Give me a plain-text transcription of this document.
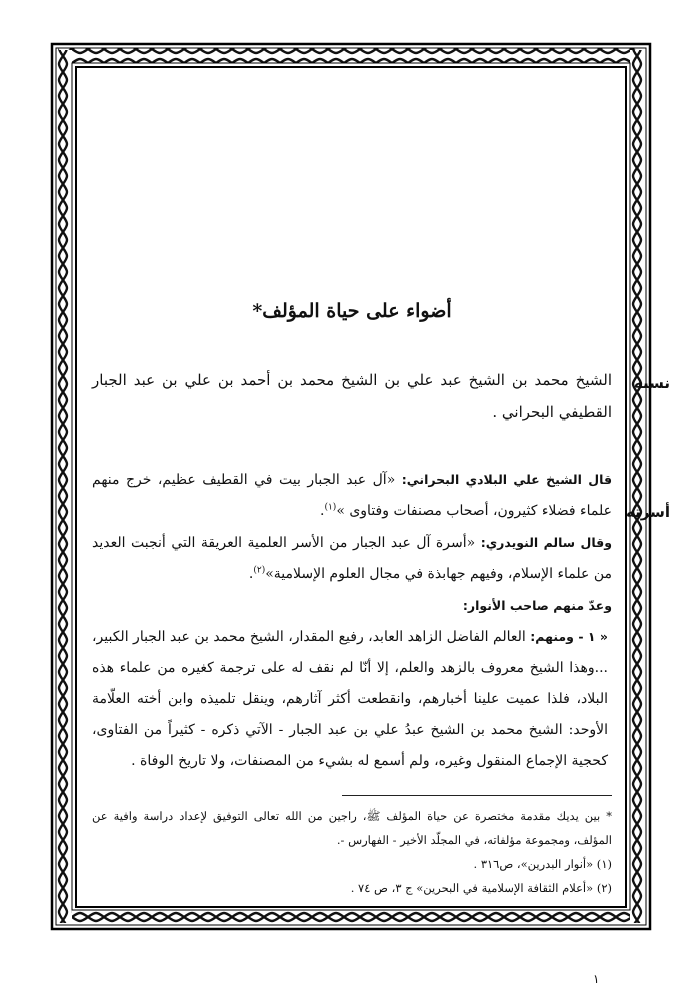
أضواء على حياة المؤلف*
نسبه

الشيخ محمد بن الشيخ عبد علي بن الشيخ محمد بن أحمد بن علي بن عبد الجبار القطيفي البحراني .

أسرته

قال الشيخ علي البلادي البحراني: «آل عبد الجبار بيت في القطيف عظيم، خرج منهم علماء فضلاء كثيرون، أصحاب مصنفات وفتاوى »$^{(١)}$.

وقال سالم النويدري: «أسرة آل عبد الجبار من الأسر العلمية العريقة التي أنجبت العديد من علماء الإسلام، وفيهم جهابذة في مجال العلوم الإسلامية»$^{(٢)}$.

وعدّ منهم صاحب الأنوار:

« ١ - ومنهم: العالم الفاضل الزاهد العابد، رفيع المقدار، الشيخ محمد بن عبد الجبار الكبير، ...وهذا الشيخ معروف بالزهد والعلم، إلا أنّا لم نقف له على ترجمة كغيره من علماء هذه البلاد، فلذا عميت علينا أخبارهم، وانقطعت أكثر آثارهم، وينقل تلميذه وابن أخته العلّامة الأوحد: الشيخ محمد بن الشيخ عبدُ علي بن عبد الجبار - الآتي ذكره - كثيراً من الفتاوى، كحجية الإجماع المنقول وغيره، ولم أسمع له بشيء من المصنفات، ولا تاريخ الوفاة .

* بين يديك مقدمة مختصرة عن حياة المؤلف ﷺ، راجين من الله تعالى التوفيق لإعداد دراسة وافية عن المؤلف، ومجموعة مؤلفاته، في المجلّد الأخير - الفهارس -.

(١) «أنوار البدرين»، ص٣١٦ .

(٢) «أعلام الثقافة الإسلامية في البحرين» ج ٣، ص ٧٤ .

١
